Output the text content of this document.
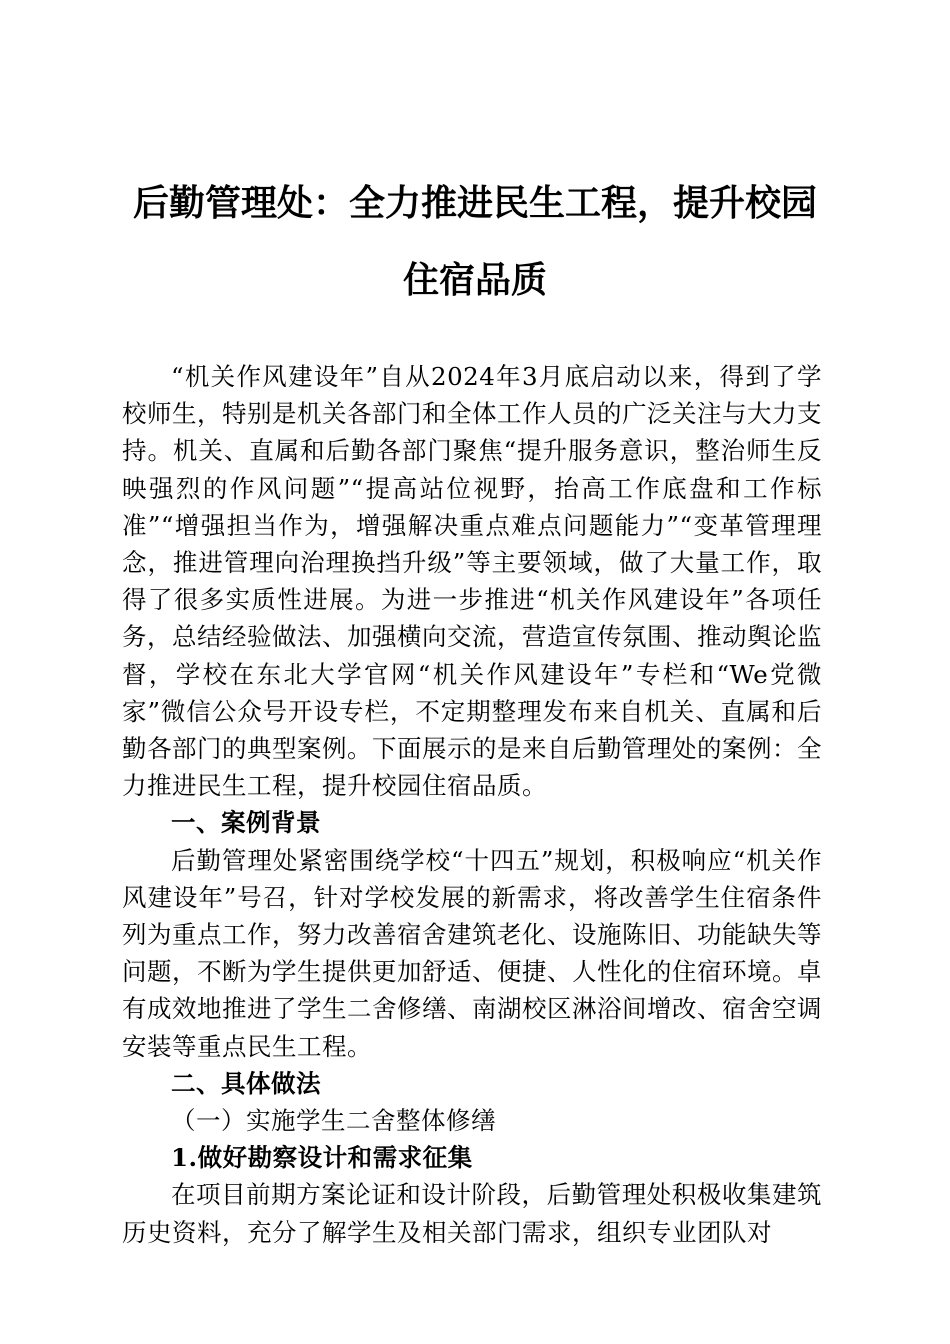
后勤管理处：全力推进民生工程，提升校园住宿品质

“机关作风建设年”自从2024年3月底启动以来，得到了学校师生，特别是机关各部门和全体工作人员的广泛关注与大力支持。机关、直属和后勤各部门聚焦“提升服务意识，整治师生反映强烈的作风问题”“提高站位视野，抬高工作底盘和工作标准”“增强担当作为，增强解决重点难点问题能力”“变革管理理念，推进管理向治理换挡升级”等主要领域，做了大量工作，取得了很多实质性进展。为进一步推进“机关作风建设年”各项任务，总结经验做法、加强横向交流，营造宣传氛围、推动舆论监督，学校在东北大学官网“机关作风建设年”专栏和“We党微家”微信公众号开设专栏，不定期整理发布来自机关、直属和后勤各部门的典型案例。下面展示的是来自后勤管理处的案例：全力推进民生工程，提升校园住宿品质。

一、案例背景

后勤管理处紧密围绕学校“十四五”规划，积极响应“机关作风建设年”号召，针对学校发展的新需求，将改善学生住宿条件列为重点工作，努力改善宿舍建筑老化、设施陈旧、功能缺失等问题，不断为学生提供更加舒适、便捷、人性化的住宿环境。卓有成效地推进了学生二舍修缮、南湖校区淋浴间增改、宿舍空调安装等重点民生工程。

二、具体做法

（一）实施学生二舍整体修缮

1.做好勘察设计和需求征集

在项目前期方案论证和设计阶段，后勤管理处积极收集建筑历史资料，充分了解学生及相关部门需求，组织专业团队对
